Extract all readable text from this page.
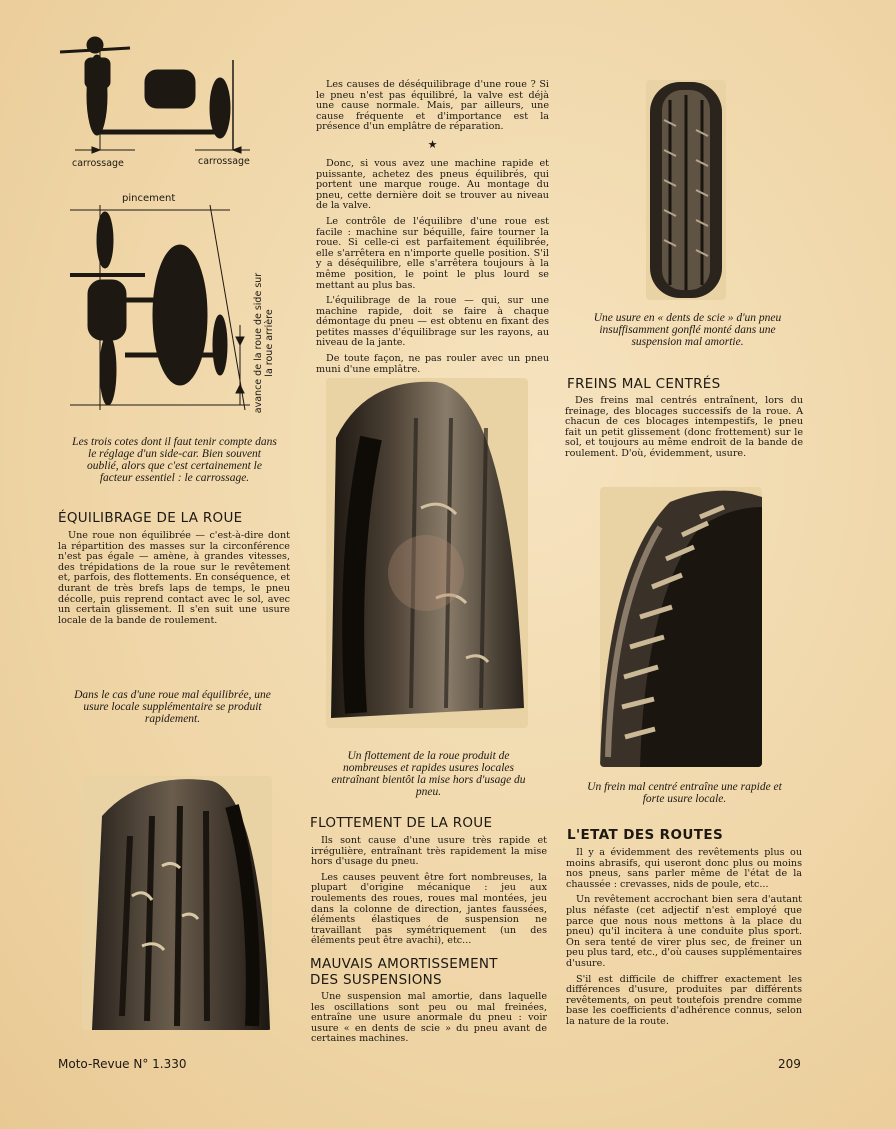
carrossage	carrossage
pincement
avance de la roue de side sur la roue arrière

Les trois cotes dont il faut tenir compte dans le réglage d'un side-car. Bien souvent oublié, alors que c'est certainement le facteur essentiel : le carrossage.

ÉQUILIBRAGE DE LA ROUE

Une roue non équilibrée — c'est-à-dire dont la répartition des masses sur la circonférence n'est pas égale — amène, à grandes vitesses, des trépidations de la roue sur le revêtement et, parfois, des flottements. En conséquence, et durant de très brefs laps de temps, le pneu décolle, puis reprend contact avec le sol, avec un certain glissement. Il s'en suit une usure locale de la bande de roulement.

Dans le cas d'une roue mal équilibrée, une usure locale supplémentaire se produit rapidement.

Les causes de déséquilibrage d'une roue ? Si le pneu n'est pas équilibré, la valve est déjà une cause normale. Mais, par ailleurs, une cause fréquente et d'importance est la présence d'un emplâtre de réparation.

★

Donc, si vous avez une machine rapide et puissante, achetez des pneus équilibrés, qui portent une marque rouge. Au montage du pneu, cette dernière doit se trouver au niveau de la valve.

Le contrôle de l'équilibre d'une roue est facile : machine sur béquille, faire tourner la roue. Si celle-ci est parfaitement équilibrée, elle s'arrêtera en n'importe quelle position. S'il y a déséquilibre, elle s'arrêtera toujours à la même position, le point le plus lourd se mettant au plus bas.

L'équilibrage de la roue — qui, sur une machine rapide, doit se faire à chaque démontage du pneu — est obtenu en fixant des petites masses d'équilibrage sur les rayons, au niveau de la jante.

De toute façon, ne pas rouler avec un pneu muni d'une emplâtre.

Un flottement de la roue produit de nombreuses et rapides usures locales entraînant bientôt la mise hors d'usage du pneu.

FLOTTEMENT DE LA ROUE

Ils sont cause d'une usure très rapide et irrégulière, entraînant très rapidement la mise hors d'usage du pneu.

Les causes peuvent être fort nombreuses, la plupart d'origine mécanique : jeu aux roulements des roues, roues mal montées, jeu dans la colonne de direction, jantes faussées, éléments élastiques de suspension ne travaillant pas symétriquement (un des éléments peut être avachi), etc...

MAUVAIS AMORTISSEMENT
DES SUSPENSIONS

Une suspension mal amortie, dans laquelle les oscillations sont peu ou mal freinées, entraîne une usure anormale du pneu : voir usure « en dents de scie » du pneu avant de certaines machines.

Une usure en « dents de scie » d'un pneu insuffisamment gonflé monté dans une suspension mal amortie.

FREINS MAL CENTRÉS

Des freins mal centrés entraînent, lors du freinage, des blocages successifs de la roue. A chacun de ces blocages intempestifs, le pneu fait un petit glissement (donc frottement) sur le sol, et toujours au même endroit de la bande de roulement. D'où, évidemment, usure.

Un frein mal centré entraîne une rapide et forte usure locale.

L'ETAT DES ROUTES

Il y a évidemment des revêtements plus ou moins abrasifs, qui useront donc plus ou moins nos pneus, sans parler même de l'état de la chaussée : crevasses, nids de poule, etc...

Un revêtement accrochant bien sera d'autant plus néfaste (cet adjectif n'est employé que parce que nous nous mettons à la place du pneu) qu'il incitera à une conduite plus sport. On sera tenté de virer plus sec, de freiner un peu plus tard, etc., d'où causes supplémentaires d'usure.

S'il est difficile de chiffrer exactement les différences d'usure, produites par différents revêtements, on peut toutefois prendre comme base les coefficients d'adhérence connus, selon la nature de la route.

Moto-Revue N° 1.330	209
